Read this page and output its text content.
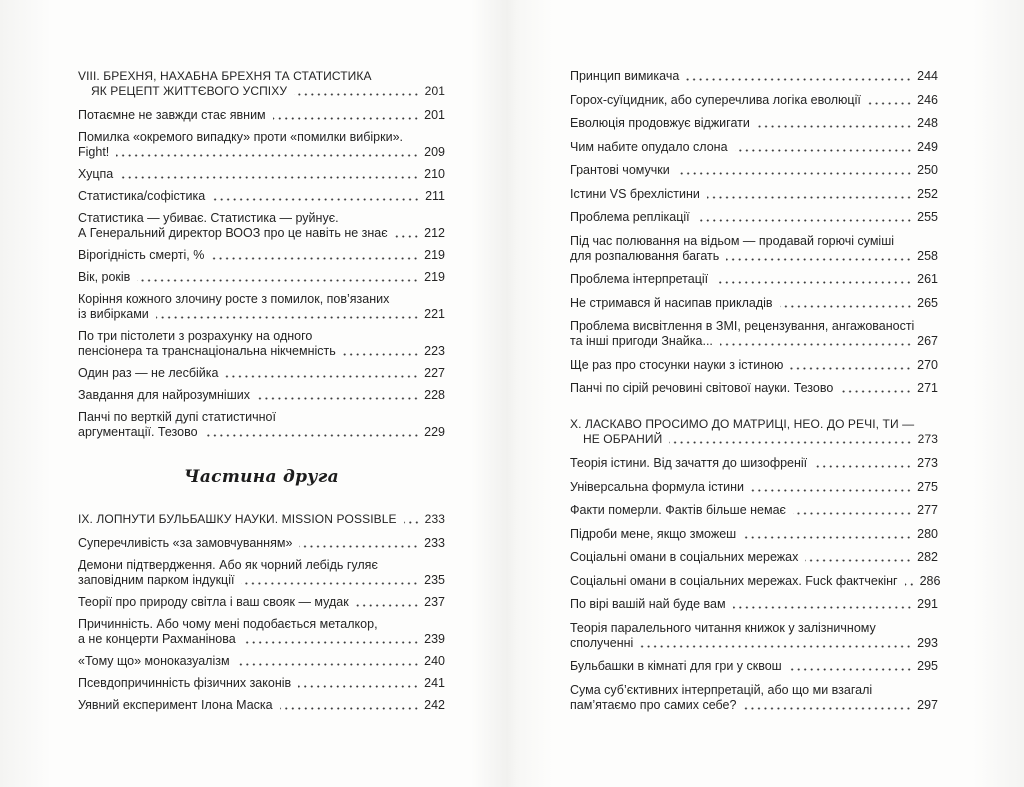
VIII. БРЕХНЯ, НАХАБНА БРЕХНЯ ТА СТАТИСТИКА
ЯК РЕЦЕПТ ЖИТТЄВОГО УСПІХУ	201
Потаємне не завжди стає явним	201
Помилка «окремого випадку» проти «помилки вибірки».
Fight!	209
Хуцпа	210
Статистика/софістика	211
Статистика — убиває. Статистика — руйнує.
А Генеральний директор ВООЗ про це навіть не знає	212
Вірогідність смерті, %	219
Вік, років	219
Коріння кожного злочину росте з помилок, пов’язаних
із вибірками	221
По три пістолети з розрахунку на одного
пенсіонера та транснаціональна нікчемність	223
Один раз — не лесбійка	227
Завдання для найрозумніших	228
Панчі по верткій дупі статистичної
аргументації. Тезово	229
Частина друга
IX. ЛОПНУТИ БУЛЬБАШКУ НАУКИ. MISSION POSSIBLE 233
Суперечливість «за замовчуванням»	233
Демони підтвердження. Або як чорний лебідь гуляє
заповідним парком індукції	235
Теорії про природу світла і ваш свояк — мудак	237
Причинність. Або чому мені подобається металкор,
а не концерти Рахманінова	239
«Тому що» моноказуалізм	240
Псевдопричинність фізичних законів	241
Уявний експеримент Ілона Маска	242
Принцип вимикача	244
Горох-суїцидник, або суперечлива логіка еволюції	246
Еволюція продовжує віджигати	248
Чим набите опудало слона	249
Грантові чомучки	250
Істини VS брехлістини	252
Проблема реплікації	255
Під час полювання на відьом — продавай горючі суміші
для розпалювання багать	258
Проблема інтерпретації	261
Не стримався й насипав прикладів	265
Проблема висвітлення в ЗМІ, рецензування, ангажованості
та інші пригоди Знайка...	267
Ще раз про стосунки науки з істиною	270
Панчі по сірій речовині світової науки. Тезово	271
X. ЛАСКАВО ПРОСИМО ДО МАТРИЦІ, НЕО. ДО РЕЧІ, ТИ —
НЕ ОБРАНИЙ	273
Теорія істини. Від зачаття до шизофренії	273
Універсальна формула істини	275
Факти померли. Фактів більше немає	277
Підроби мене, якщо зможеш	280
Соціальні омани в соціальних мережах	282
Соціальні омани в соціальних мережах. Fuck фактчекінг 286
По вірі вашій най буде вам	291
Теорія паралельного читання книжок у залізничному
сполученні	293
Бульбашки в кімнаті для гри у сквош	295
Сума суб’єктивних інтерпретацій, або що ми взагалі
пам’ятаємо про самих себе?	297
